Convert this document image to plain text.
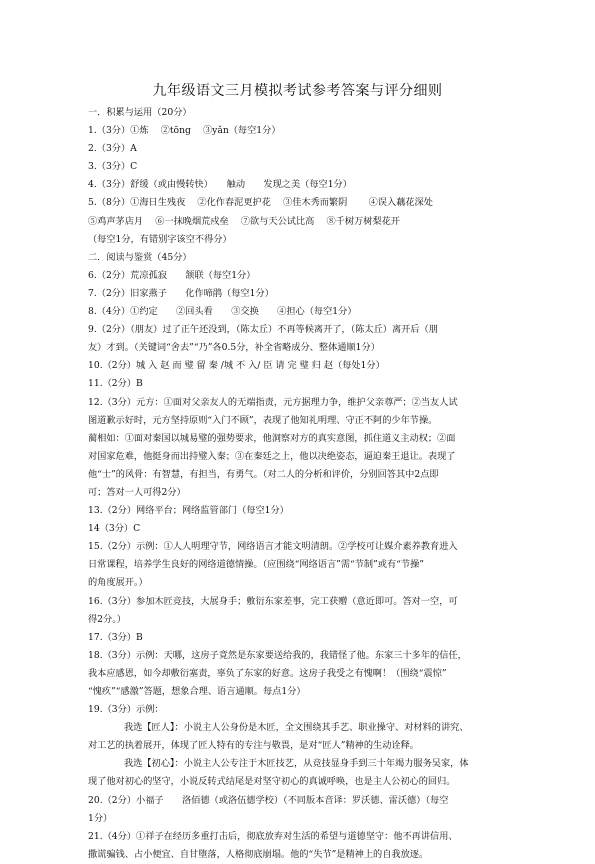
九年级语文三月模拟考试参考答案与评分细则
一．积累与运用（20分）
1.（3分）①炼　 ②tōng　 ③yǎn（每空1分）
2.（3分）A
3.（3分）C
4.（3分）舒缓（或由慢转快）　　触动　　发现之美（每空1分）
5.（8分）①海日生残夜　 ②化作春泥更护花　 ③佳木秀而繁阴　　 ④误入藕花深处
⑤鸡声茅店月　 ⑥一抹晚烟荒戍垒　 ⑦欲与天公试比高　 ⑧千树万树梨花开
（每空1分，有错别字该空不得分）
二．阅读与鉴赏（45分）
6.（2分）荒凉孤寂　　颔联（每空1分）
7.（2分）旧家燕子　　化作啼鹃（每空1分）
8.（4分）①约定　　②回头看　　③交换　　④担心（每空1分）
9.（2分）（朋友）过了正午还没到，（陈太丘）不再等候离开了，（陈太丘）离开后（朋
友）才到。（关键词“舍去”“乃”各0.5分，补全省略成分、整体通顺1分）
10.（2分）城 入 赵 而 璧 留 秦 /城 不 入/ 臣 请 完 璧 归 赵（每处1分）
11.（2分）B
12.（3分）元方：①面对父亲友人的无端指责，元方据理力争，维护父亲尊严；②当友人试
图道歉示好时，元方坚持原则“入门不顾”，表现了他知礼明理、守正不阿的少年节操。
蔺相如：①面对秦国以城易璧的强势要求，他洞察对方的真实意图，抓住道义主动权；②面
对国家危难，他挺身而出持璧入秦；③在秦廷之上，他以决绝姿态，逼迫秦王退让。表现了
他“士”的风骨：有智慧，有担当，有勇气。（对二人的分析和评价，分别回答其中2点即
可；答对一人可得2分）
13.（2分）网络平台；网络监管部门（每空1分）
14（3分）C
15.（2分）示例：①人人明理守节，网络语言才能文明清朗。②学校可让媒介素养教育进入
日常课程，培养学生良好的网络道德情操。（应围绕“网络语言”需“节制”或有“节操”
的角度展开。）
16.（3分）参加木匠竞技，大展身手；敷衍东家差事，完工获赠（意近即可。答对一空，可
得2分。）
17.（3分）B
18.（3分）示例：天哪，这房子竟然是东家要送给我的，我错怪了他。东家三十多年的信任，
我本应感恩，如今却敷衍塞责，辜负了东家的好意。这房子我受之有愧啊！（围绕“震惊”
“愧疚”“感激”答题，想象合理、语言通顺。每点1分）
19.（3分）示例：
我选【匠人】：小说主人公身份是木匠，全文围绕其手艺、职业操守、对材料的讲究、
对工艺的执着展开，体现了匠人特有的专注与敬畏，是对“匠人”精神的生动诠释。
我选【初心】：小说主人公专注于木匠技艺，从竞技显身手到三十年竭力服务吴家，体
现了他对初心的坚守，小说反转式结尾是对坚守初心的真诚呼唤，也是主人公初心的回归。
20.（2分）小福子　　洛佰德（或洛伍德学校）（不同版本音译：罗沃德、雷沃德）（每空
1分）
21.（4分）①祥子在经历多重打击后，彻底放弃对生活的希望与道德坚守：他不再讲信用、
撒谎骗钱、占小便宜、自甘堕落，人格彻底崩塌。他的“失节”是精神上的自我放逐。
